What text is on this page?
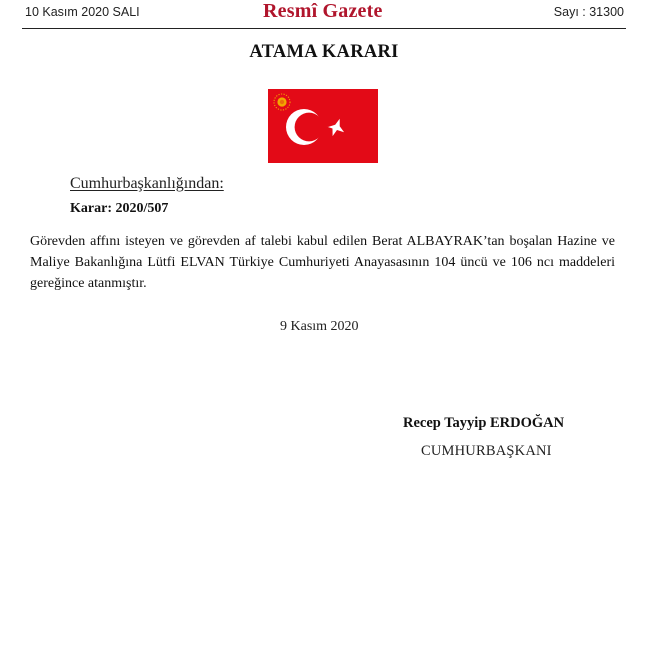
10 Kasım 2020 SALI	Resmî Gazete	Sayı : 31300
ATAMA KARARI
Cumhurbaşkanlığından:
Karar: 2020/507
Görevden affını isteyen ve görevden af talebi kabul edilen Berat ALBAYRAK’tan boşalan Hazine ve Maliye Bakanlığına Lütfi ELVAN Türkiye Cumhuriyeti Anayasasının 104 üncü ve 106 ncı maddeleri gereğince atanmıştır.
9 Kasım 2020
Recep Tayyip ERDOĞAN
CUMHURBAŞKANI
